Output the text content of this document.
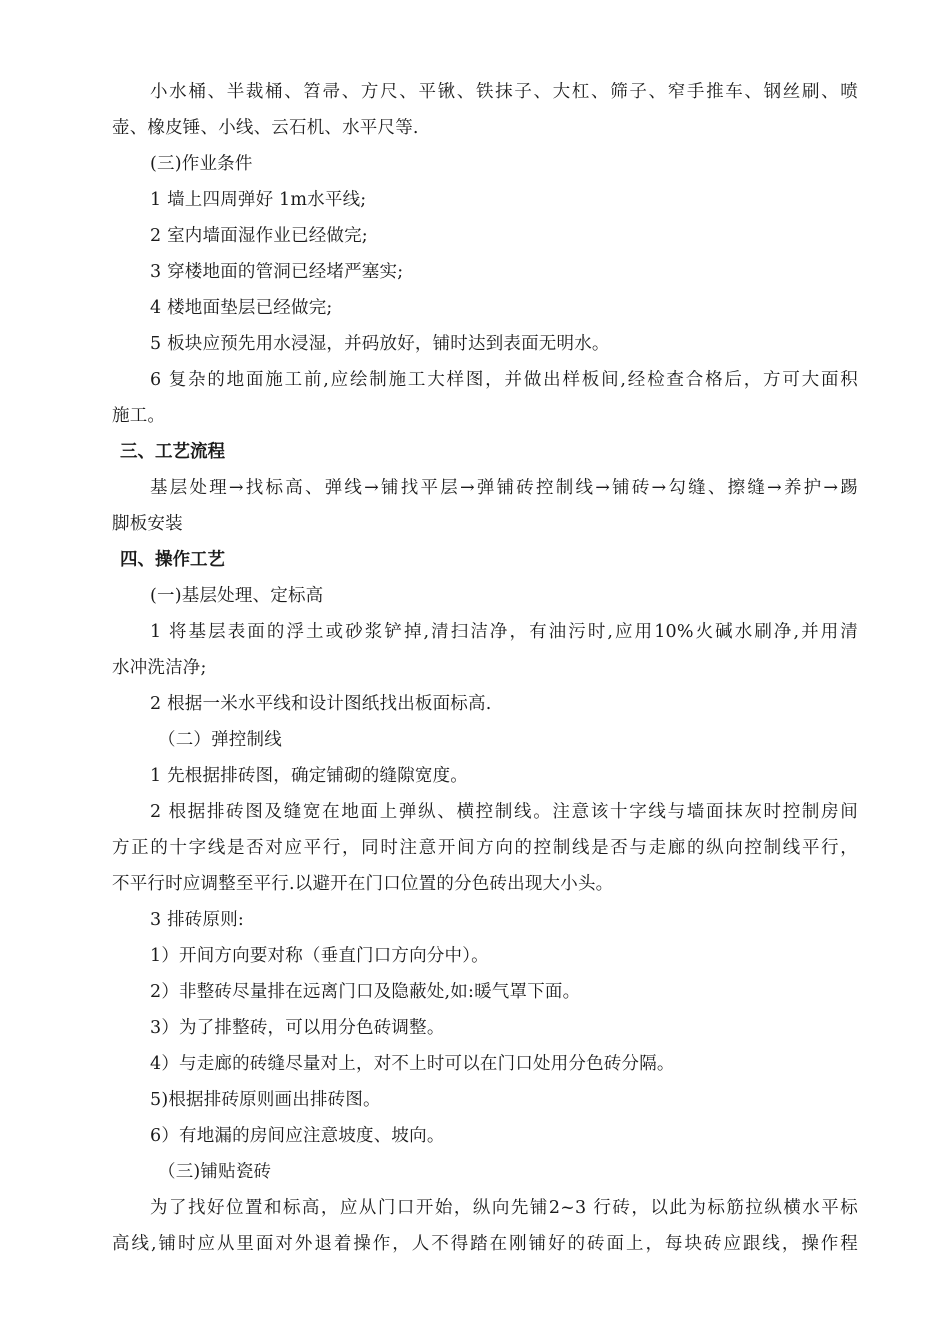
小水桶、半裁桶、笤帚、方尺、平锹、铁抹子、大杠、筛子、窄手推车、钢丝刷、喷
壶、橡皮锤、小线、云石机、水平尺等.
(三)作业条件
1 墙上四周弹好 1m水平线;
2 室内墙面湿作业已经做完;
3 穿楼地面的管洞已经堵严塞实;
4 楼地面垫层已经做完;
5 板块应预先用水浸湿，并码放好，铺时达到表面无明水。
6 复杂的地面施工前,应绘制施工大样图，并做出样板间,经检查合格后，方可大面积
施工。
三、工艺流程
基层处理→找标高、弹线→铺找平层→弹铺砖控制线→铺砖→勾缝、擦缝→养护→踢
脚板安装
四、操作工艺
(一)基层处理、定标高
1 将基层表面的浮土或砂浆铲掉,清扫洁净，有油污时,应用10%火碱水刷净,并用清
水冲洗洁净;
2 根据一米水平线和设计图纸找出板面标高.
（二）弹控制线
1 先根据排砖图，确定铺砌的缝隙宽度。
2 根据排砖图及缝宽在地面上弹纵、横控制线。注意该十字线与墙面抹灰时控制房间
方正的十字线是否对应平行，同时注意开间方向的控制线是否与走廊的纵向控制线平行，
不平行时应调整至平行.以避开在门口位置的分色砖出现大小头。
3 排砖原则:
1）开间方向要对称（垂直门口方向分中）。
2）非整砖尽量排在远离门口及隐蔽处,如:暖气罩下面。
3）为了排整砖，可以用分色砖调整。
4）与走廊的砖缝尽量对上，对不上时可以在门口处用分色砖分隔。
5)根据排砖原则画出排砖图。
6）有地漏的房间应注意坡度、坡向。
（三)铺贴瓷砖
为了找好位置和标高，应从门口开始，纵向先铺2~3 行砖，以此为标筋拉纵横水平标
高线,铺时应从里面对外退着操作，人不得踏在刚铺好的砖面上，每块砖应跟线，操作程
